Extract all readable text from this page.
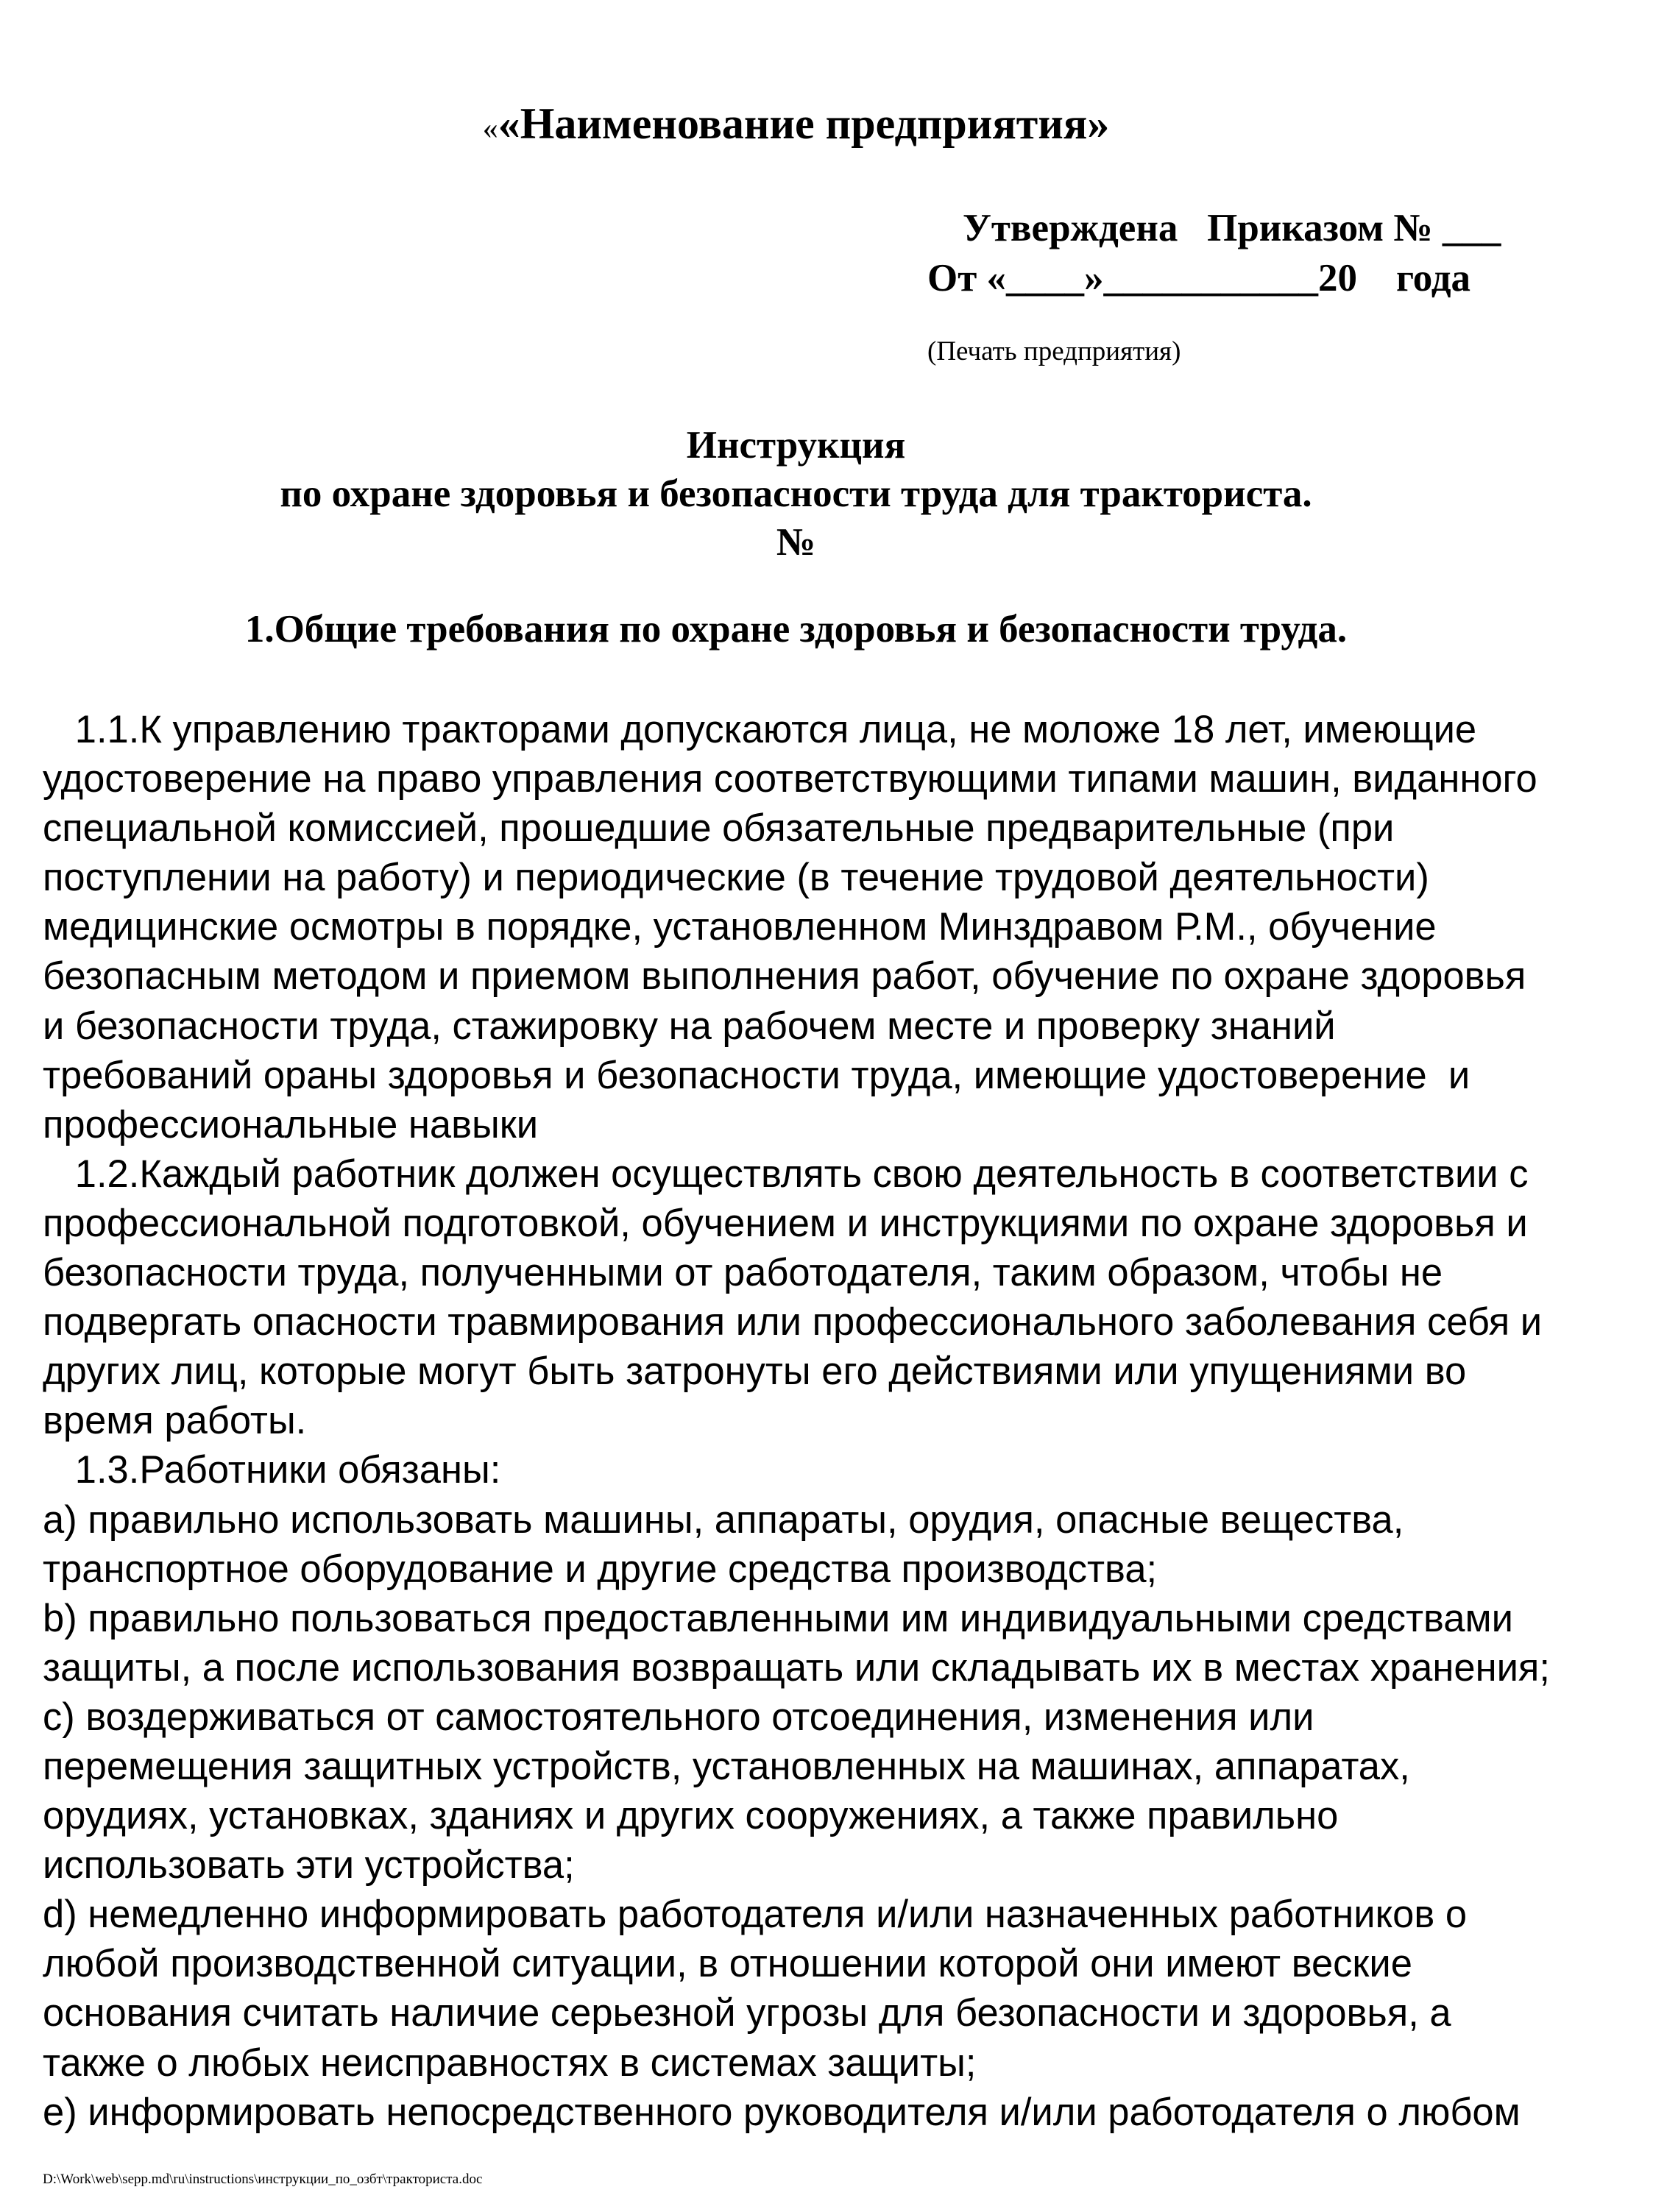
««Наименование предприятия»
Утверждена   Приказом № ___
От «____»___________20    года
(Печать предприятия)
Инструкция
по охране здоровья и безопасности труда для тракториста.
№
1.Общие требования по охране здоровья и безопасности труда.
1.1.К управлению тракторами допускаются лица, не моложе 18 лет, имеющие
удостоверение на право управления соответствующими типами машин, виданного
специальной комиссией, прошедшие обязательные предварительные (при
поступлении на работу) и периодические (в течение трудовой деятельности)
медицинские осмотры в порядке, установленном Минздравом Р.М., обучение
безопасным методом и приемом выполнения работ, обучение по охране здоровья
и безопасности труда, стажировку на рабочем месте и проверку знаний
требований ораны здоровья и безопасности труда, имеющие удостоверение  и
профессиональные навыки
1.2.Каждый работник должен осуществлять свою деятельность в соответствии с
профессиональной подготовкой, обучением и инструкциями по охране здоровья и
безопасности труда, полученными от работодателя, таким образом, чтобы не
подвергать опасности травмирования или профессионального заболевания себя и
других лиц, которые могут быть затронуты его действиями или упущениями во
время работы.
1.3.Работники обязаны:
a) правильно использовать машины, аппараты, орудия, опасные вещества,
транспортное оборудование и другие средства производства;
b) правильно пользоваться предоставленными им индивидуальными средствами
защиты, а после использования возвращать или складывать их в местах хранения;
c) воздерживаться от самостоятельного отсоединения, изменения или
перемещения защитных устройств, установленных на машинах, аппаратах,
орудиях, установках, зданиях и других сооружениях, а также правильно
использовать эти устройства;
d) немедленно информировать работодателя и/или назначенных работников о
любой производственной ситуации, в отношении которой они имеют веские
основания считать наличие серьезной угрозы для безопасности и здоровья, а
также о любых неисправностях в системах защиты;
e) информировать непосредственного руководителя и/или работодателя о любом
D:\Work\web\sepp.md\ru\instructions\инструкции_по_озбт\тракториста.doc
